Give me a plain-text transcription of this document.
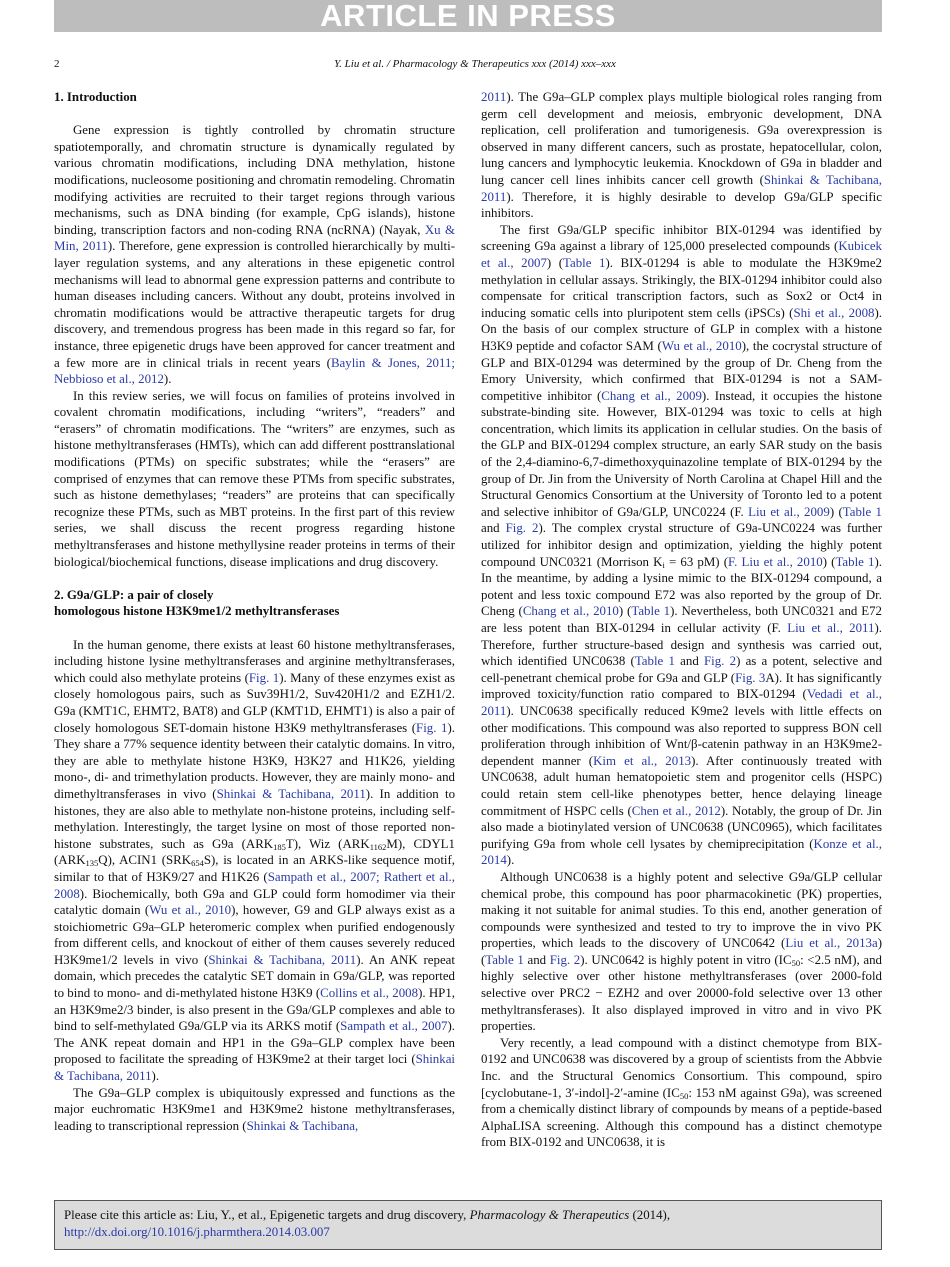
ARTICLE IN PRESS
2	Y. Liu et al. / Pharmacology & Therapeutics xxx (2014) xxx–xxx
1. Introduction

Gene expression is tightly controlled by chromatin structure spatiotemporally, and chromatin structure is dynamically regulated by various chromatin modifications, including DNA methylation, histone modifications, nucleosome positioning and chromatin remodeling. Chromatin modifying activities are recruited to their target regions through various mechanisms, such as DNA binding (for example, CpG islands), histone binding, transcription factors and non-coding RNA (ncRNA) (Nayak, Xu & Min, 2011). Therefore, gene expression is controlled hierarchically by multi-layer regulation systems, and any alterations in these epigenetic control mechanisms will lead to abnormal gene expression patterns and contribute to human diseases including cancers. Without any doubt, proteins involved in chromatin modifications would be attractive therapeutic targets for drug discovery, and tremendous progress has been made in this regard so far, for instance, three epigenetic drugs have been approved for cancer treatment and a few more are in clinical trials in recent years (Baylin & Jones, 2011; Nebbioso et al., 2012).

In this review series, we will focus on families of proteins involved in covalent chromatin modifications, including “writers”, “readers” and “erasers” of chromatin modifications. The “writers” are enzymes, such as histone methyltransferases (HMTs), which can add different posttranslational modifications (PTMs) on specific substrates; while the “erasers” are comprised of enzymes that can remove these PTMs from specific substrates, such as histone demethylases; “readers” are proteins that can specifically recognize these PTMs, such as MBT proteins. In the first part of this review series, we shall discuss the recent progress regarding histone methyltransferases and histone methyllysine reader proteins in terms of their biological/biochemical functions, disease implications and drug discovery.

2. G9a/GLP: a pair of closely
homologous histone H3K9me1/2 methyltransferases

In the human genome, there exists at least 60 histone methyltransferases, including histone lysine methyltransferases and arginine methyltransferases, which could also methylate proteins (Fig. 1). Many of these enzymes exist as closely homologous pairs, such as Suv39H1/2, Suv420H1/2 and EZH1/2. G9a (KMT1C, EHMT2, BAT8) and GLP (KMT1D, EHMT1) is also a pair of closely homologous SET-domain histone H3K9 methyltransferases (Fig. 1). They share a 77% sequence identity between their catalytic domains. In vitro, they are able to methylate histone H3K9, H3K27 and H1K26, yielding mono-, di- and trimethylation products. However, they are mainly mono- and dimethyltransferases in vivo (Shinkai & Tachibana, 2011). In addition to histones, they are also able to methylate non-histone proteins, including self-methylation. Interestingly, the target lysine on most of those reported non-histone substrates, such as G9a $(ARK_{185}T)$, Wiz $(ARK_{1162}M)$, CDYL1 $(ARK_{135}Q)$, ACIN1 $(SRK_{654}S)$, is located in an ARKS-like sequence motif, similar to that of H3K9/27 and H1K26 (Sampath et al., 2007; Rathert et al., 2008). Biochemically, both G9a and GLP could form homodimer via their catalytic domain (Wu et al., 2010), however, G9 and GLP always exist as a stoichiometric G9a–GLP heteromeric complex when purified endogenously from different cells, and knockout of either of them causes severely reduced H3K9me1/2 levels in vivo (Shinkai & Tachibana, 2011). An ANK repeat domain, which precedes the catalytic SET domain in G9a/GLP, was reported to bind to mono- and di-methylated histone H3K9 (Collins et al., 2008). HP1, an H3K9me2/3 binder, is also present in the G9a/GLP complexes and able to bind to self-methylated G9a/GLP via its ARKS motif (Sampath et al., 2007). The ANK repeat domain and HP1 in the G9a–GLP complex have been proposed to facilitate the spreading of H3K9me2 at their target loci (Shinkai & Tachibana, 2011).

The G9a–GLP complex is ubiquitously expressed and functions as the major euchromatic H3K9me1 and H3K9me2 histone methyltransferases, leading to transcriptional repression (Shinkai & Tachibana,

2011). The G9a–GLP complex plays multiple biological roles ranging from germ cell development and meiosis, embryonic development, DNA replication, cell proliferation and tumorigenesis. G9a overexpression is observed in many different cancers, such as prostate, hepatocellular, colon, lung cancers and lymphocytic leukemia. Knockdown of G9a in bladder and lung cancer cell lines inhibits cancer cell growth (Shinkai & Tachibana, 2011). Therefore, it is highly desirable to develop G9a/GLP specific inhibitors.

The first G9a/GLP specific inhibitor BIX-01294 was identified by screening G9a against a library of 125,000 preselected compounds (Kubicek et al., 2007) (Table 1). BIX-01294 is able to modulate the H3K9me2 methylation in cellular assays. Strikingly, the BIX-01294 inhibitor could also compensate for critical transcription factors, such as Sox2 or Oct4 in inducing somatic cells into pluripotent stem cells (iPSCs) (Shi et al., 2008). On the basis of our complex structure of GLP in complex with a histone H3K9 peptide and cofactor SAM (Wu et al., 2010), the cocrystal structure of GLP and BIX-01294 was determined by the group of Dr. Cheng from the Emory University, which confirmed that BIX-01294 is not a SAM-competitive inhibitor (Chang et al., 2009). Instead, it occupies the histone substrate-binding site. However, BIX-01294 was toxic to cells at high concentration, which limits its application in cellular studies. On the basis of the GLP and BIX-01294 complex structure, an early SAR study on the basis of the 2,4-diamino-6,7-dimethoxyquinazoline template of BIX-01294 by the group of Dr. Jin from the University of North Carolina at Chapel Hill and the Structural Genomics Consortium at the University of Toronto led to a potent and selective inhibitor of G9a/GLP, UNC0224 (F. Liu et al., 2009) (Table 1 and Fig. 2). The complex crystal structure of G9a-UNC0224 was further utilized for inhibitor design and optimization, yielding the highly potent compound UNC0321 (Morrison $K_i = 63$ pM) (F. Liu et al., 2010) (Table 1). In the meantime, by adding a lysine mimic to the BIX-01294 compound, a potent and less toxic compound E72 was also reported by the group of Dr. Cheng (Chang et al., 2010) (Table 1). Nevertheless, both UNC0321 and E72 are less potent than BIX-01294 in cellular activity (F. Liu et al., 2011). Therefore, further structure-based design and synthesis was carried out, which identified UNC0638 (Table 1 and Fig. 2) as a potent, selective and cell-penetrant chemical probe for G9a and GLP (Fig. 3A). It has significantly improved toxicity/function ratio compared to BIX-01294 (Vedadi et al., 2011). UNC0638 specifically reduced K9me2 levels with little effects on other modifications. This compound was also reported to suppress BON cell proliferation through inhibition of Wnt/β-catenin pathway in an H3K9me2-dependent manner (Kim et al., 2013). After continuously treated with UNC0638, adult human hematopoietic stem and progenitor cells (HSPC) could retain stem cell-like phenotypes better, hence delaying lineage commitment of HSPC cells (Chen et al., 2012). Notably, the group of Dr. Jin also made a biotinylated version of UNC0638 (UNC0965), which facilitates purifying G9a from whole cell lysates by chemiprecipitation (Konze et al., 2014).

Although UNC0638 is a highly potent and selective G9a/GLP cellular chemical probe, this compound has poor pharmacokinetic (PK) properties, making it not suitable for animal studies. To this end, another generation of compounds were synthesized and tested to try to improve the in vivo PK properties, which leads to the discovery of UNC0642 (Liu et al., 2013a) (Table 1 and Fig. 2). UNC0642 is highly potent in vitro ($IC_{50}$: <2.5 nM), and highly selective over other histone methyltransferases (over 2000-fold selective over PRC2 − EZH2 and over 20000-fold selective over 13 other methyltransferases). It also displayed improved in vitro and in vivo PK properties.

Very recently, a lead compound with a distinct chemotype from BIX-0192 and UNC0638 was discovered by a group of scientists from the Abbvie Inc. and the Structural Genomics Consortium. This compound, spiro [cyclobutane-1, 3′-indol]-2′-amine ($IC_{50}$: 153 nM against G9a), was screened from a chemically distinct library of compounds by means of a peptide-based AlphaLISA screening. Although this compound has a distinct chemotype from BIX-0192 and UNC0638, it is

Please cite this article as: Liu, Y., et al., Epigenetic targets and drug discovery, Pharmacology & Therapeutics (2014), http://dx.doi.org/10.1016/j.pharmthera.2014.03.007
